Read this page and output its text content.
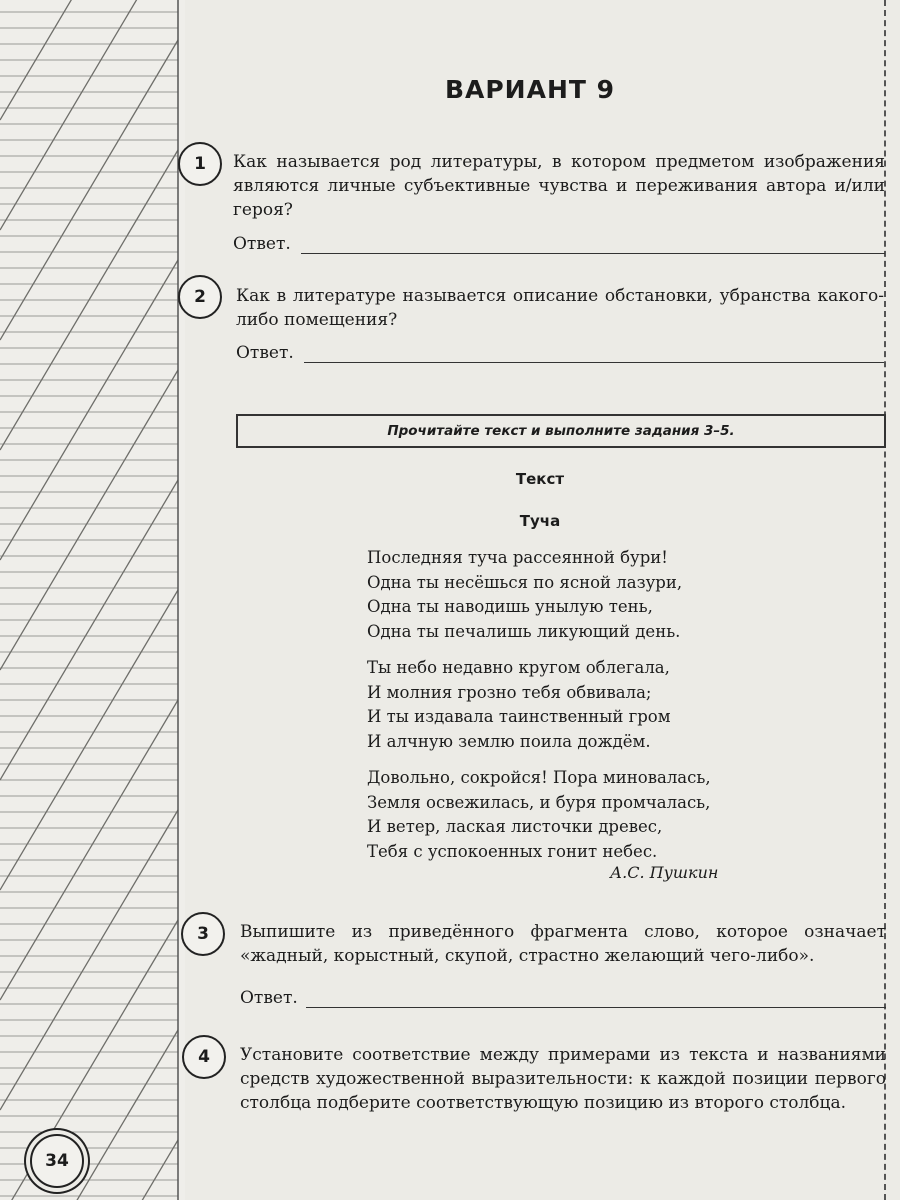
ВАРИАНТ 9
1	Как называется род литературы, в котором предметом изображения являются личные субъективные чувства и переживания автора и/или героя?
Ответ.
2	Как в литературе называется описание обстановки, убранства какого-либо помещения?
Ответ.
Прочитайте текст и выполните задания 3–5.
Текст
Туча
Последняя туча рассеянной бури!
Одна ты несёшься по ясной лазури,
Одна ты наводишь унылую тень,
Одна ты печалишь ликующий день.
Ты небо недавно кругом облегала,
И молния грозно тебя обвивала;
И ты издавала таинственный гром
И алчную землю поила дождём.
Довольно, сокройся! Пора миновалась,
Земля освежилась, и буря промчалась,
И ветер, лаская листочки древес,
Тебя с успокоенных гонит небес.
А.С. Пушкин
3	Выпишите из приведённого фрагмента слово, которое означает «жадный, корыстный, скупой, страстно желающий чего-либо».
Ответ.
4	Установите соответствие между примерами из текста и названиями средств художественной выразительности: к каждой позиции первого столбца подберите соответствующую позицию из второго столбца.
34
